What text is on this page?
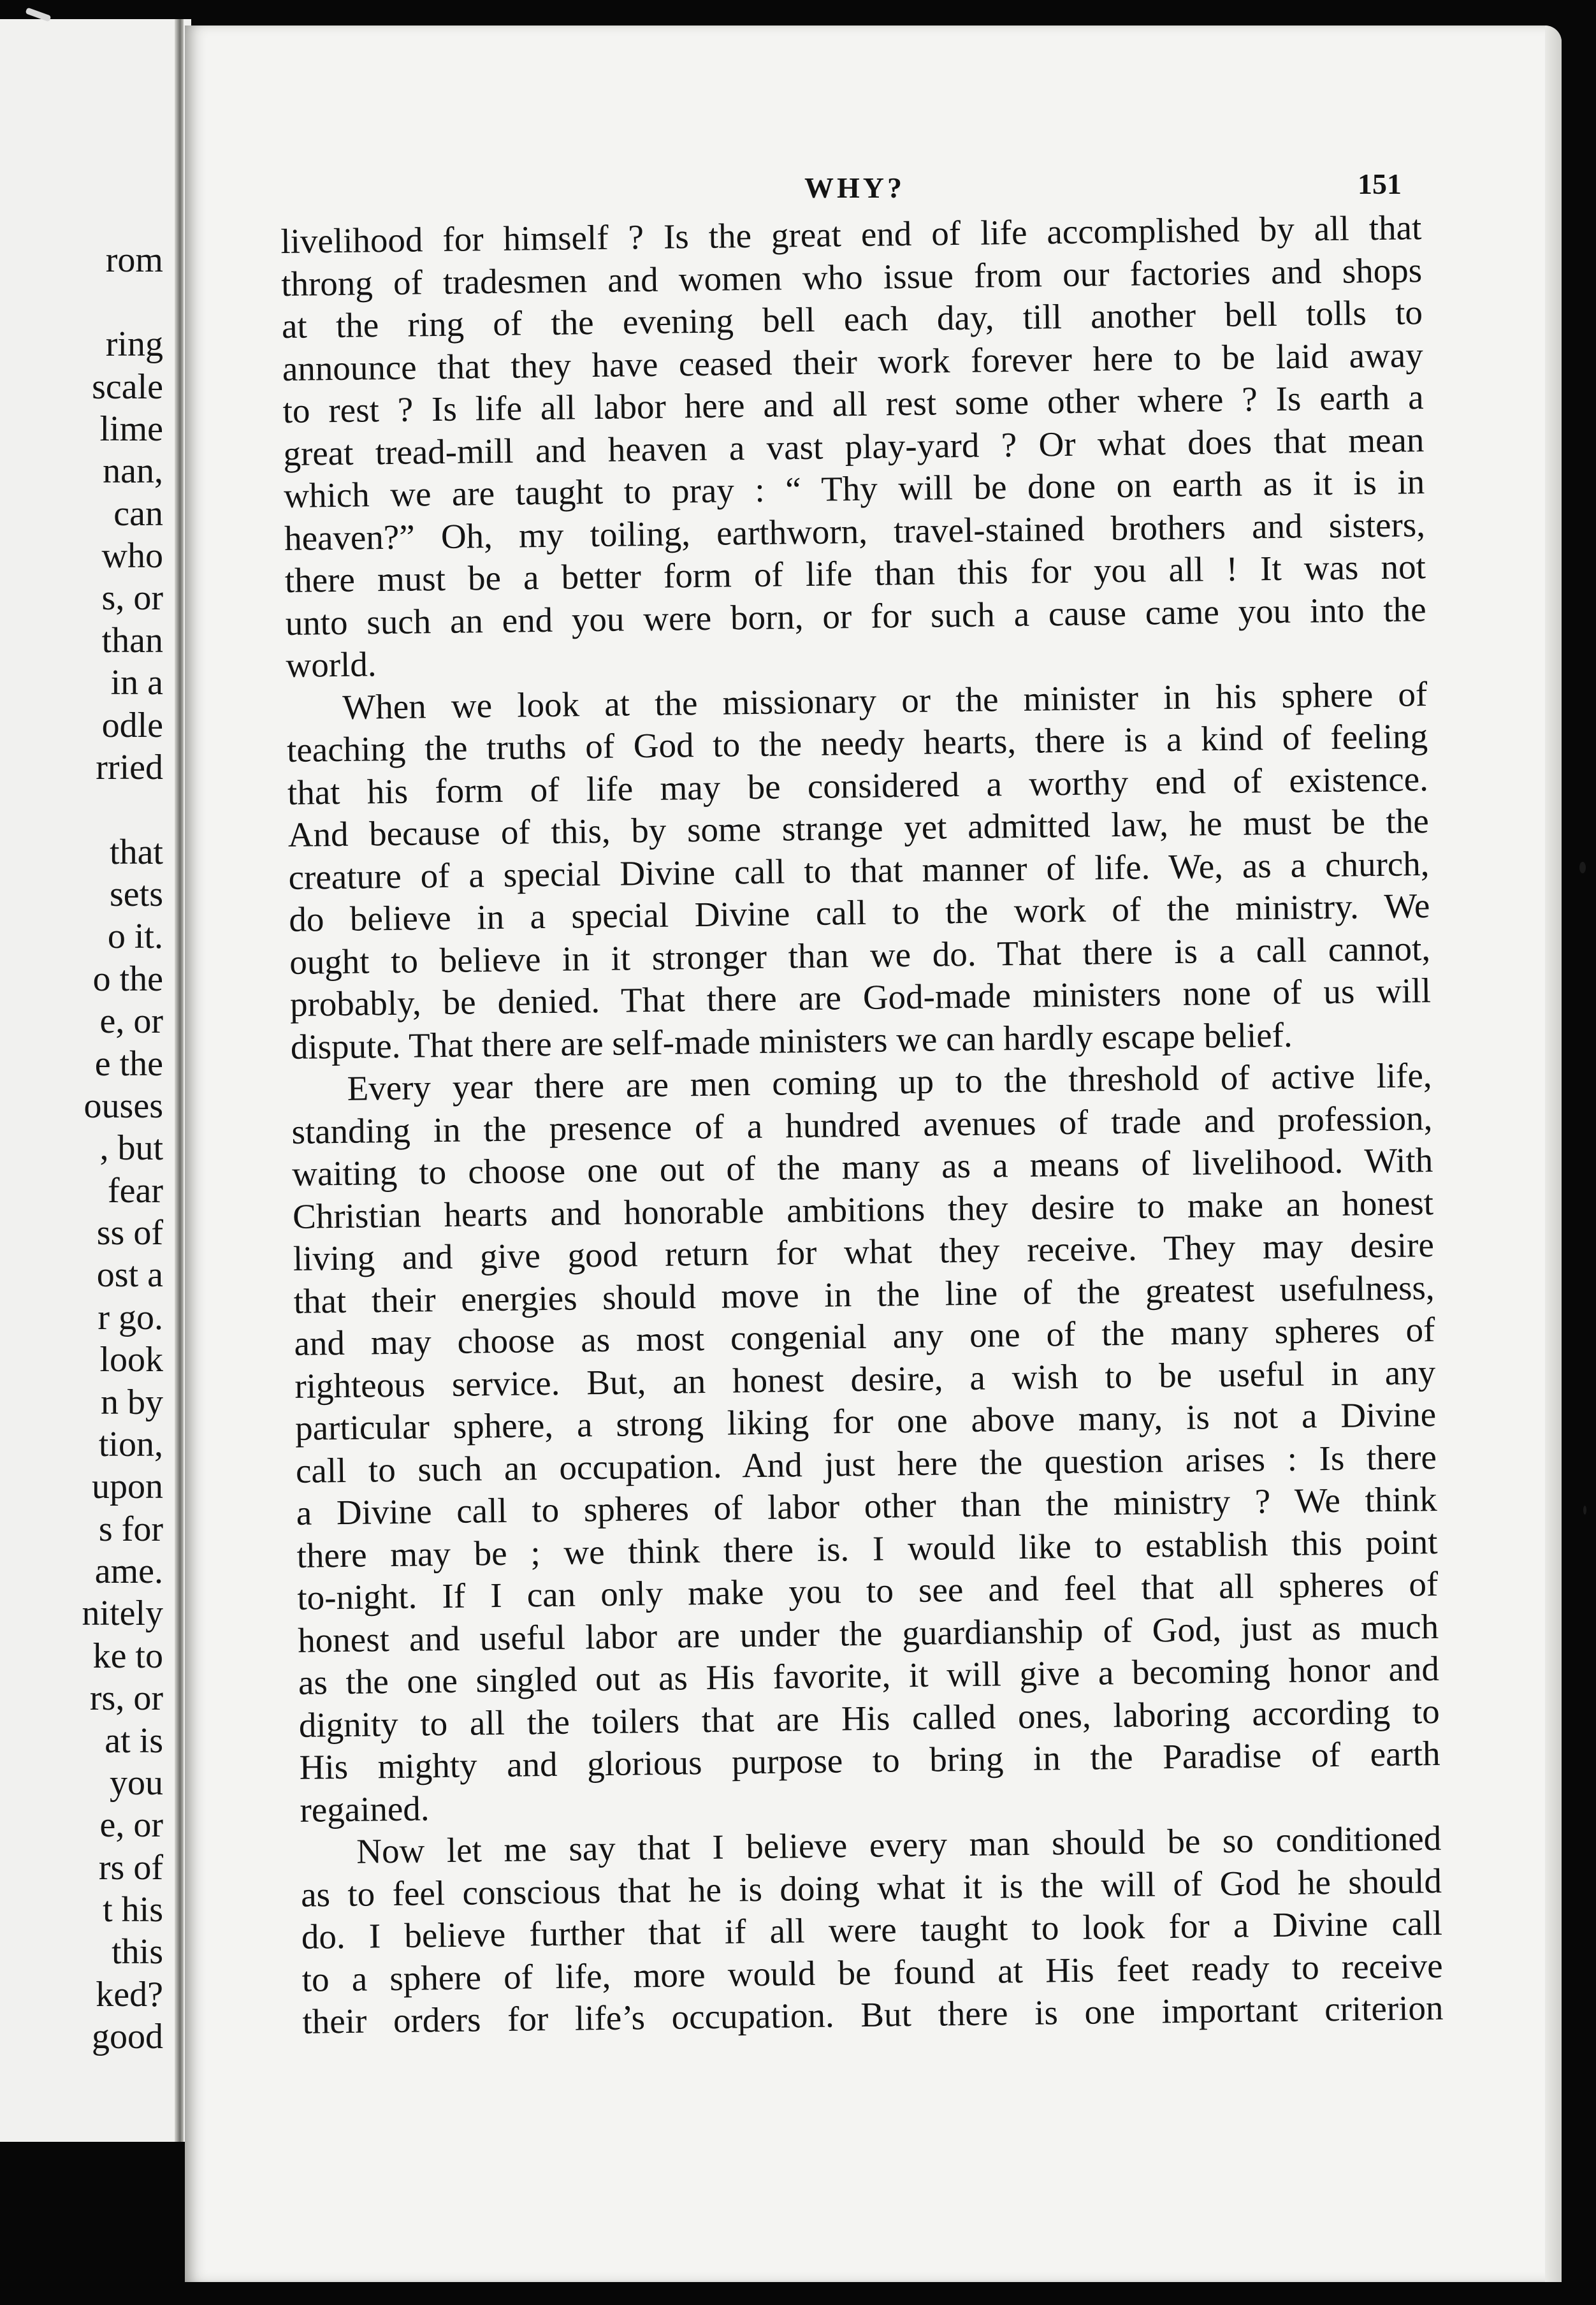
rom
ring
scale
lime
nan,
can
who
s, or
than
in a
odle
rried
that
sets
o it.
o the
e, or
e the
ouses
, but
fear
ss of
ost a
r go.
look
n by
tion,
upon
s for
ame.
nitely
ke to
rs, or
at is
you
e, or
rs of
t his
this
ked?
good
WHY?	151
livelihood for himself ? Is the great end of life accomplished by all that
throng of tradesmen and women who issue from our factories and shops
at the ring of the evening bell each day, till another bell tolls to
announce that they have ceased their work forever here to be laid away
to rest ? Is life all labor here and all rest some other where ? Is earth a
great tread-mill and heaven a vast play-yard ? Or what does that mean
which we are taught to pray : “ Thy will be done on earth as it is in
heaven?” Oh, my toiling, earthworn, travel-stained brothers and sisters,
there must be a better form of life than this for you all ! It was not
unto such an end you were born, or for such a cause came you into the
world.
When we look at the missionary or the minister in his sphere of
teaching the truths of God to the needy hearts, there is a kind of feeling
that his form of life may be considered a worthy end of existence.
And because of this, by some strange yet admitted law, he must be the
creature of a special Divine call to that manner of life. We, as a church,
do believe in a special Divine call to the work of the ministry. We
ought to believe in it stronger than we do. That there is a call cannot,
probably, be denied. That there are God-made ministers none of us will
dispute. That there are self-made ministers we can hardly escape belief.
Every year there are men coming up to the threshold of active life,
standing in the presence of a hundred avenues of trade and profession,
waiting to choose one out of the many as a means of livelihood. With
Christian hearts and honorable ambitions they desire to make an honest
living and give good return for what they receive. They may desire
that their energies should move in the line of the greatest usefulness,
and may choose as most congenial any one of the many spheres of
righteous service. But, an honest desire, a wish to be useful in any
particular sphere, a strong liking for one above many, is not a Divine
call to such an occupation. And just here the question arises : Is there
a Divine call to spheres of labor other than the ministry ? We think
there may be ; we think there is. I would like to establish this point
to-night. If I can only make you to see and feel that all spheres of
honest and useful labor are under the guardianship of God, just as much
as the one singled out as His favorite, it will give a becoming honor and
dignity to all the toilers that are His called ones, laboring according to
His mighty and glorious purpose to bring in the Paradise of earth
regained.
Now let me say that I believe every man should be so conditioned
as to feel conscious that he is doing what it is the will of God he should
do. I believe further that if all were taught to look for a Divine call
to a sphere of life, more would be found at His feet ready to receive
their orders for life’s occupation. But there is one important criterion
